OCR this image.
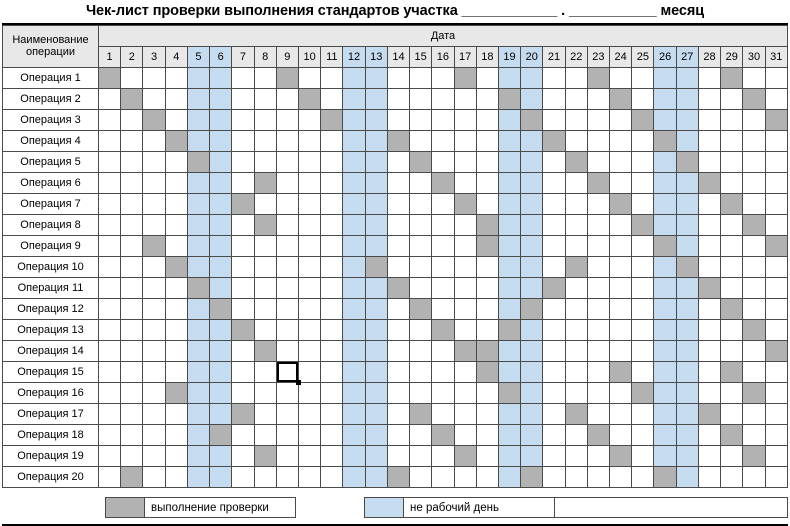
Чек-лист проверки выполнения стандартов участка ____________ . ___________ месяц
Наименование операции	Дата																														
	1	2	3	4	5	6	7	8	9	10	11	12	13	14	15	16	17	18	19	20	21	22	23	24	25	26	27	28	29	30	31
Операция 1																															
Операция 2																															
Операция 3																															
Операция 4																															
Операция 5																															
Операция 6																															
Операция 7																															
Операция 8																															
Операция 9																															
Операция 10																															
Операция 11																															
Операция 12																															
Операция 13																															
Операция 14																															
Операция 15																															
Операция 16																															
Операция 17																															
Операция 18																															
Операция 19																															
Операция 20																															
		выполнение проверки			не рабочий день	
